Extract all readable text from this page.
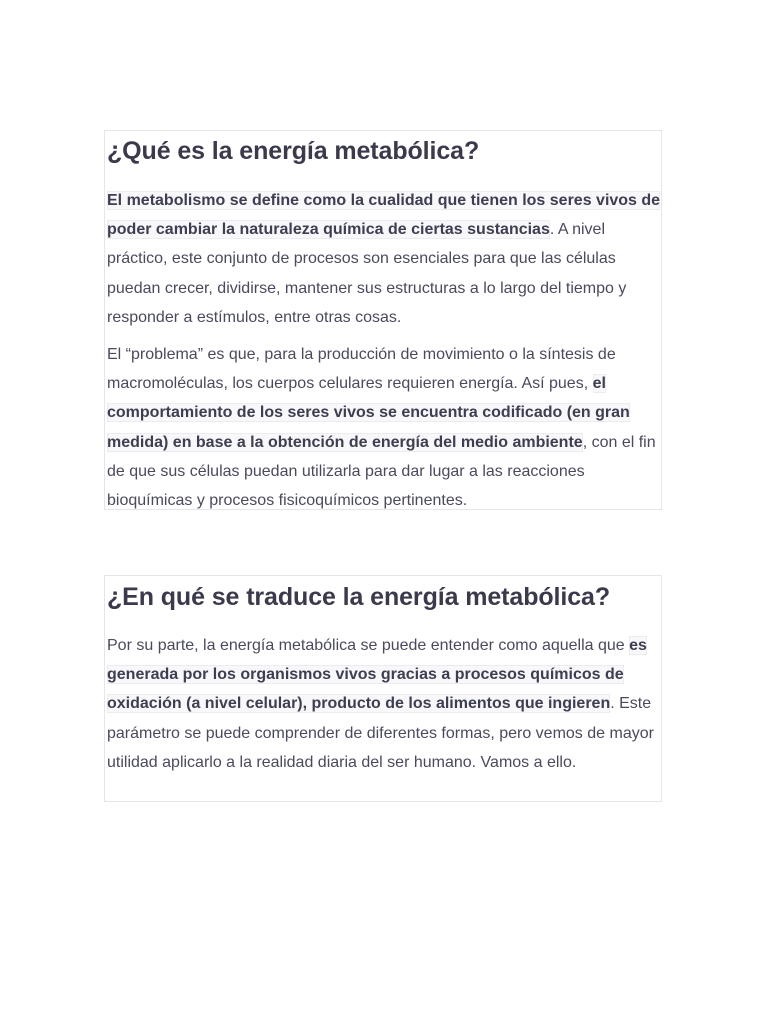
¿Qué es la energía metabólica?

El metabolismo se define como la cualidad que tienen los seres vivos de poder cambiar la naturaleza química de ciertas sustancias. A nivel práctico, este conjunto de procesos son esenciales para que las células puedan crecer, dividirse, mantener sus estructuras a lo largo del tiempo y responder a estímulos, entre otras cosas.

El “problema” es que, para la producción de movimiento o la síntesis de macromoléculas, los cuerpos celulares requieren energía. Así pues, el comportamiento de los seres vivos se encuentra codificado (en gran medida) en base a la obtención de energía del medio ambiente, con el fin de que sus células puedan utilizarla para dar lugar a las reacciones bioquímicas y procesos fisicoquímicos pertinentes.

¿En qué se traduce la energía metabólica?

Por su parte, la energía metabólica se puede entender como aquella que es generada por los organismos vivos gracias a procesos químicos de oxidación (a nivel celular), producto de los alimentos que ingieren. Este parámetro se puede comprender de diferentes formas, pero vemos de mayor utilidad aplicarlo a la realidad diaria del ser humano. Vamos a ello.
